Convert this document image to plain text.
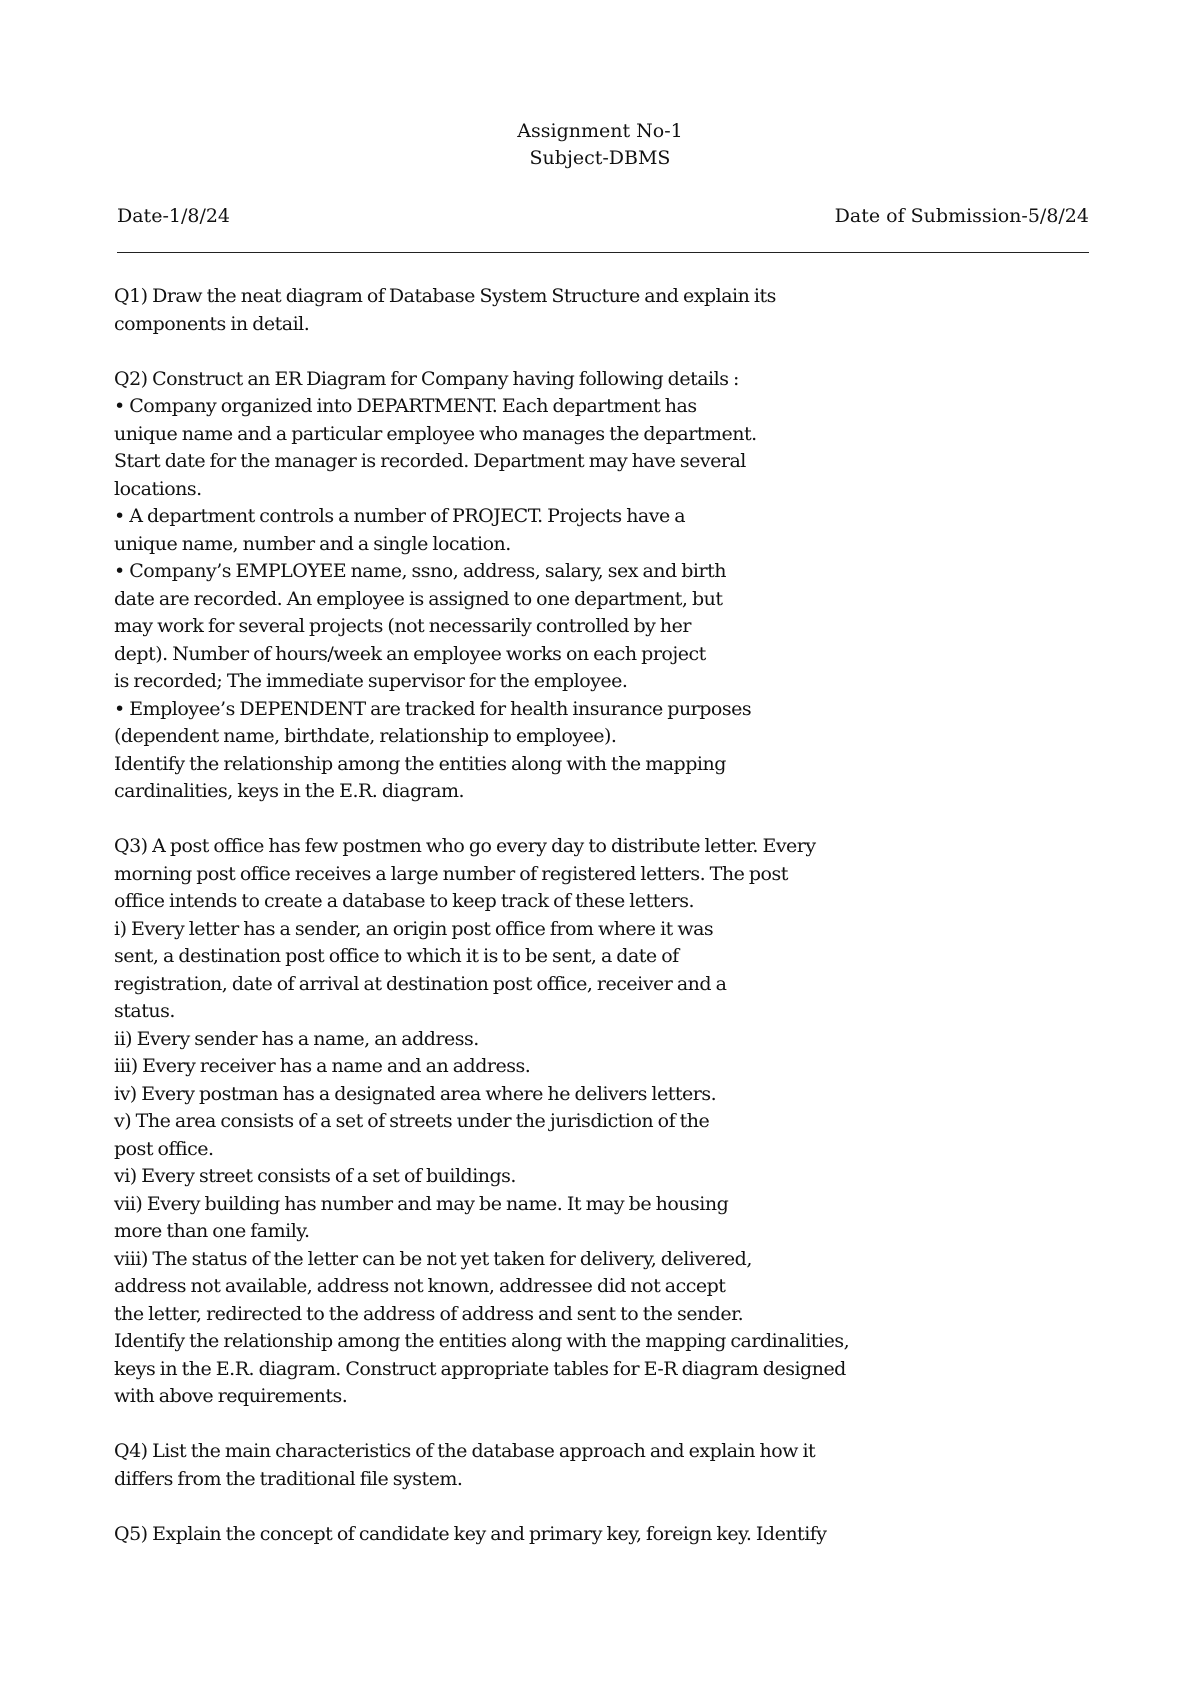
Assignment No-1
Subject-DBMS
Date-1/8/24	Date of Submission-5/8/24
Q1) Draw the neat diagram of Database System Structure and explain its
components in detail.
Q2) Construct an ER Diagram for Company having following details :
• Company organized into DEPARTMENT. Each department has
unique name and a particular employee who manages the department.
Start date for the manager is recorded. Department may have several
locations.
• A department controls a number of PROJECT. Projects have a
unique name, number and a single location.
• Company’s EMPLOYEE name, ssno, address, salary, sex and birth
date are recorded. An employee is assigned to one department, but
may work for several projects (not necessarily controlled by her
dept). Number of hours/week an employee works on each project
is recorded; The immediate supervisor for the employee.
• Employee’s DEPENDENT are tracked for health insurance purposes
(dependent name, birthdate, relationship to employee).
Identify the relationship among the entities along with the mapping
cardinalities, keys in the E.R. diagram.
Q3) A post office has few postmen who go every day to distribute letter. Every
morning post office receives a large number of registered letters. The post
office intends to create a database to keep track of these letters.
i) Every letter has a sender, an origin post office from where it was
sent, a destination post office to which it is to be sent, a date of
registration, date of arrival at destination post office, receiver and a
status.
ii) Every sender has a name, an address.
iii) Every receiver has a name and an address.
iv) Every postman has a designated area where he delivers letters.
v) The area consists of a set of streets under the jurisdiction of the
post office.
vi) Every street consists of a set of buildings.
vii) Every building has number and may be name. It may be housing
more than one family.
viii) The status of the letter can be not yet taken for delivery, delivered,
address not available, address not known, addressee did not accept
the letter, redirected to the address of address and sent to the sender.
Identify the relationship among the entities along with the mapping cardinalities,
keys in the E.R. diagram. Construct appropriate tables for E-R diagram designed
with above requirements.
Q4) List the main characteristics of the database approach and explain how it
differs from the traditional file system.
Q5) Explain the concept of candidate key and primary key, foreign key. Identify
